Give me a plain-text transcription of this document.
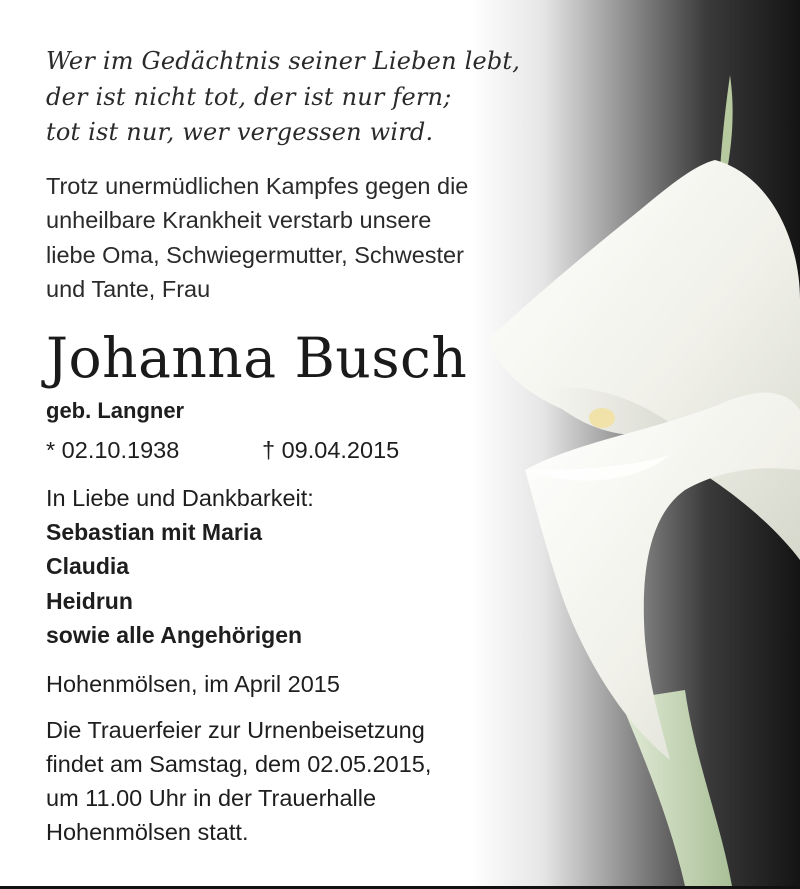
Wer im Gedächtnis seiner Lieben lebt,
der ist nicht tot, der ist nur fern;
tot ist nur, wer vergessen wird.
Trotz unermüdlichen Kampfes gegen die
unheilbare Krankheit verstarb unsere
liebe Oma, Schwiegermutter, Schwester
und Tante, Frau
Johanna Busch
geb. Langner
* 02.10.1938	† 09.04.2015
In Liebe und Dankbarkeit:
Sebastian mit Maria
Claudia
Heidrun
sowie alle Angehörigen
Hohenmölsen, im April 2015
Die Trauerfeier zur Urnenbeisetzung
findet am Samstag, dem 02.05.2015,
um 11.00 Uhr in der Trauerhalle
Hohenmölsen statt.
